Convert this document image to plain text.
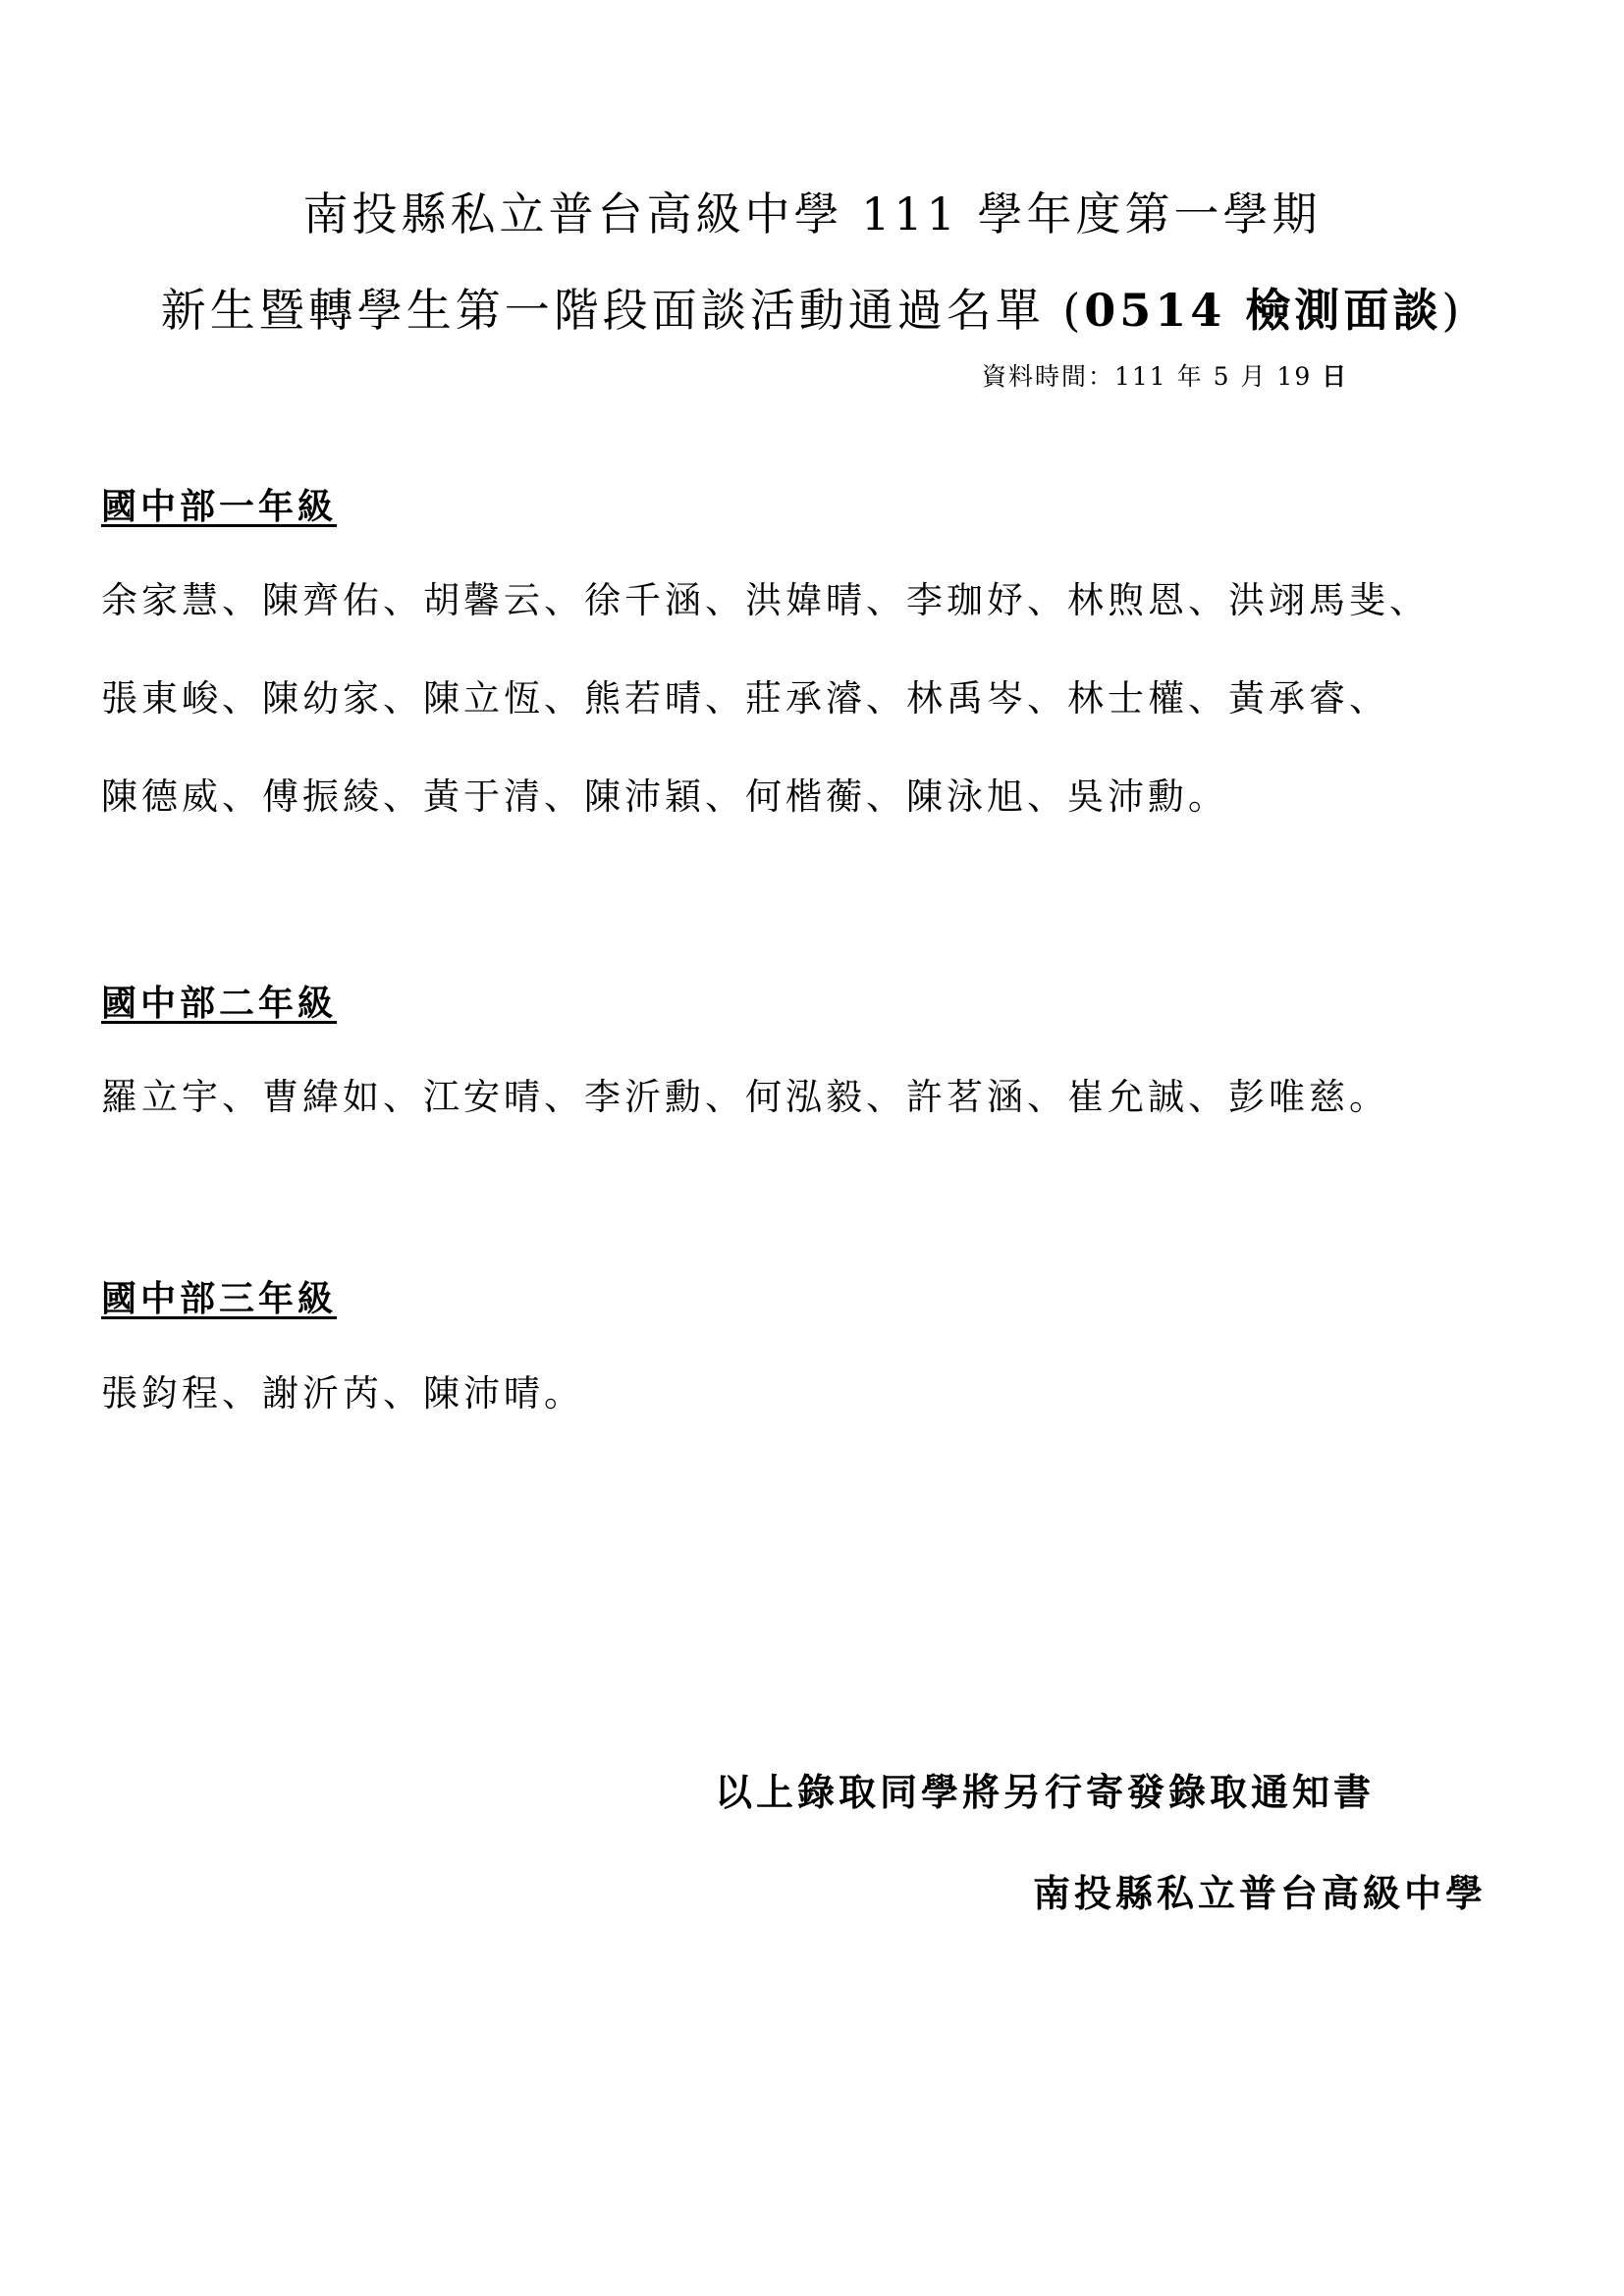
南投縣私立普台高級中學 111 學年度第一學期
新生暨轉學生第一階段面談活動通過名單 (0514 檢測面談)
資料時間：111 年 5 月 19 日
國中部一年級
余家慧、陳齊佑、胡馨云、徐千涵、洪媁晴、李珈妤、林煦恩、洪翊馬斐、
張東峻、陳幼家、陳立恆、熊若晴、莊承濬、林禹岑、林士權、黃承睿、
陳德威、傅振綾、黃于清、陳沛穎、何楷蘅、陳泳旭、吳沛勳。
國中部二年級
羅立宇、曹緯如、江安晴、李沂勳、何泓毅、許茗涵、崔允誠、彭唯慈。
國中部三年級
張鈞程、謝沂芮、陳沛晴。
以上錄取同學將另行寄發錄取通知書
南投縣私立普台高級中學
